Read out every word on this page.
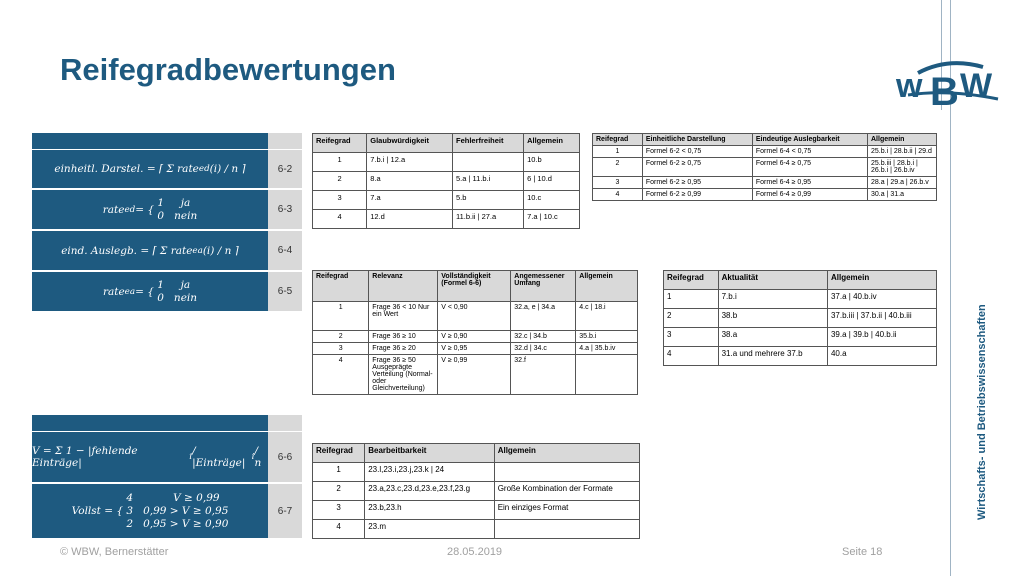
Reifegradbewertungen	w B W
Wirtschafts- und Betriebswissenschaften
einheitl. Darstel. = ⌈ Σ rate ed (i) / n ⌉	6-2
rate ed = {
1     ja
0   nein	6-3
eind. Auslegb. = ⌈ Σ rate ea (i) / n ⌉	6-4
rate ea = {
1     ja
0   nein	6-5
V = Σ 1 − |fehlende Einträge|	i / |Einträge| i / n	6-6
Vollst = {
4            V ≥ 0,99
3   0,99 > V ≥ 0,95
2   0,95 > V ≥ 0,90
6-7
Reifegrad	Glaubwürdigkeit	Fehlerfreiheit	Allgemein
1	7.b.i | 12.a		10.b
2	8.a	5.a | 11.b.i	6 | 10.d
3	7.a	5.b	10.c
4	12.d	11.b.ii | 27.a	7.a | 10.c
Reifegrad	Einheitliche Darstellung	Eindeutige Auslegbarkeit	Allgemein
1	Formel 6-2 < 0,75	Formel 6-4 < 0,75	25.b.i | 28.b.ii | 29.d
2	Formel 6-2 ≥ 0,75	Formel 6-4 ≥ 0,75	25.b.iii | 28.b.i | 26.b.i | 26.b.iv
3	Formel 6-2 ≥ 0,95	Formel 6-4 ≥ 0,95	28.a | 29.a | 26.b.v
4	Formel 6-2 ≥ 0,99	Formel 6-4 ≥ 0,99	30.a | 31.a
Reifegrad	Relevanz	Vollständigkeit (Formel 6-6)	Angemessener Umfang	Allgemein
1	Frage 36 < 10 Nur ein Wert	V < 0,90	32.a, e | 34.a	4.c | 18.i
2	Frage 36 ≥ 10	V ≥ 0,90	32.c | 34.b	35.b.i
3	Frage 36 ≥ 20	V ≥ 0,95	32.d | 34.c	4.a | 35.b.iv
4	Frage 36 ≥ 50 Ausgeprägte Verteilung (Normal- oder Gleichverteilung)	V ≥ 0,99	32.f	
Reifegrad	Aktualität	Allgemein
1	7.b.i	37.a | 40.b.iv
2	38.b	37.b.iii | 37.b.ii | 40.b.iii
3	38.a	39.a | 39.b | 40.b.ii
4	31.a und mehrere 37.b	40.a
Reifegrad	Bearbeitbarkeit	Allgemein
1	23.l,23.i,23.j,23.k | 24	
2	23.a,23.c,23.d,23.e,23.f,23.g	Große Kombination der Formate
3	23.b,23.h	Ein einziges Format
4	23.m	
© WBW, Bernerstätter	28.05.2019	Seite 18
